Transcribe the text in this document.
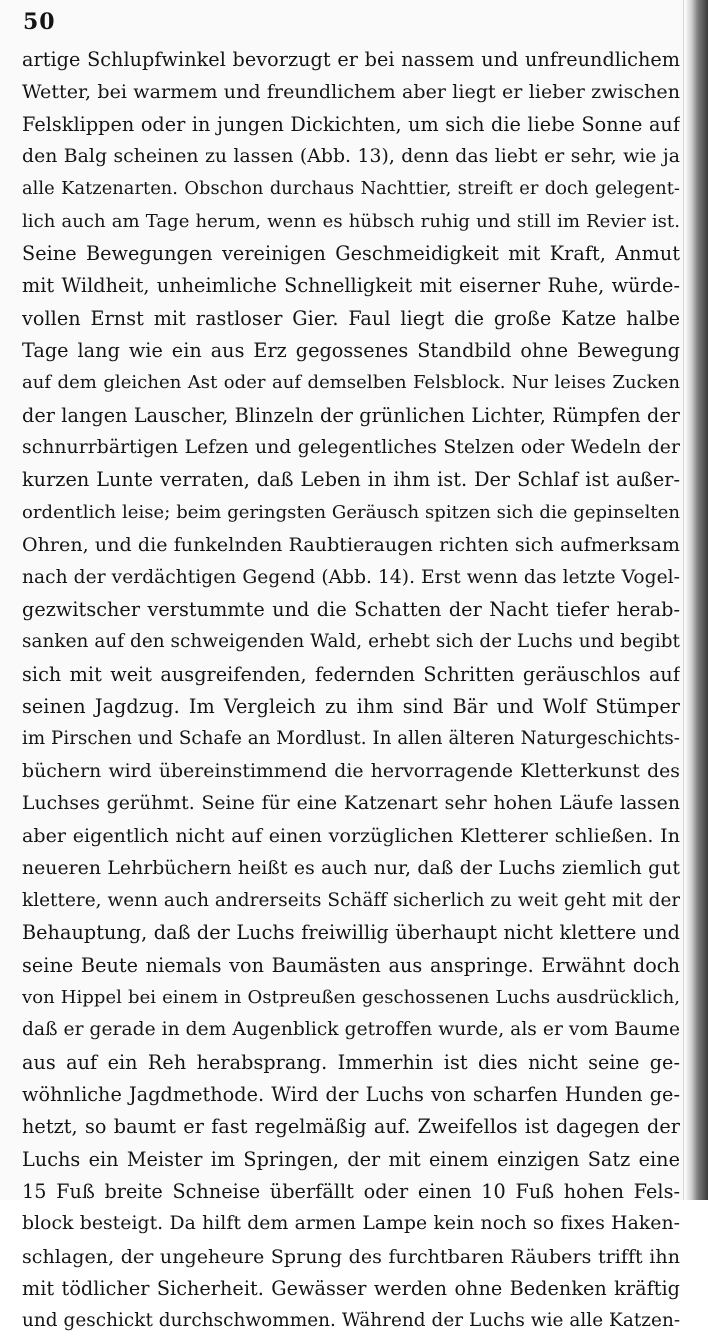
50
artige Schlupfwinkel bevorzugt er bei nassem und unfreundlichem
Wetter, bei warmem und freundlichem aber liegt er lieber zwischen
Felsklippen oder in jungen Dickichten, um sich die liebe Sonne auf
den Balg scheinen zu lassen (Abb. 13), denn das liebt er sehr, wie ja
alle Katzenarten. Obschon durchaus Nachttier, streift er doch gelegent-
lich auch am Tage herum, wenn es hübsch ruhig und still im Revier ist.
Seine Bewegungen vereinigen Geschmeidigkeit mit Kraft, Anmut
mit Wildheit, unheimliche Schnelligkeit mit eiserner Ruhe, würde-
vollen Ernst mit rastloser Gier. Faul liegt die große Katze halbe
Tage lang wie ein aus Erz gegossenes Standbild ohne Bewegung
auf dem gleichen Ast oder auf demselben Felsblock. Nur leises Zucken
der langen Lauscher, Blinzeln der grünlichen Lichter, Rümpfen der
schnurrbärtigen Lefzen und gelegentliches Stelzen oder Wedeln der
kurzen Lunte verraten, daß Leben in ihm ist. Der Schlaf ist außer-
ordentlich leise; beim geringsten Geräusch spitzen sich die gepinselten
Ohren, und die funkelnden Raubtieraugen richten sich aufmerksam
nach der verdächtigen Gegend (Abb. 14). Erst wenn das letzte Vogel-
gezwitscher verstummte und die Schatten der Nacht tiefer herab-
sanken auf den schweigenden Wald, erhebt sich der Luchs und begibt
sich mit weit ausgreifenden, federnden Schritten geräuschlos auf
seinen Jagdzug. Im Vergleich zu ihm sind Bär und Wolf Stümper
im Pirschen und Schafe an Mordlust. In allen älteren Naturgeschichts-
büchern wird übereinstimmend die hervorragende Kletterkunst des
Luchses gerühmt. Seine für eine Katzenart sehr hohen Läufe lassen
aber eigentlich nicht auf einen vorzüglichen Kletterer schließen. In
neueren Lehrbüchern heißt es auch nur, daß der Luchs ziemlich gut
klettere, wenn auch andrerseits Schäff sicherlich zu weit geht mit der
Behauptung, daß der Luchs freiwillig überhaupt nicht klettere und
seine Beute niemals von Baumästen aus anspringe. Erwähnt doch
von Hippel bei einem in Ostpreußen geschossenen Luchs ausdrücklich,
daß er gerade in dem Augenblick getroffen wurde, als er vom Baume
aus auf ein Reh herabsprang. Immerhin ist dies nicht seine ge-
wöhnliche Jagdmethode. Wird der Luchs von scharfen Hunden ge-
hetzt, so baumt er fast regelmäßig auf. Zweifellos ist dagegen der
Luchs ein Meister im Springen, der mit einem einzigen Satz eine
15 Fuß breite Schneise überfällt oder einen 10 Fuß hohen Fels-
block besteigt. Da hilft dem armen Lampe kein noch so fixes Haken-
schlagen, der ungeheure Sprung des furchtbaren Räubers trifft ihn
mit tödlicher Sicherheit. Gewässer werden ohne Bedenken kräftig
und geschickt durchschwommen. Während der Luchs wie alle Katzen-
